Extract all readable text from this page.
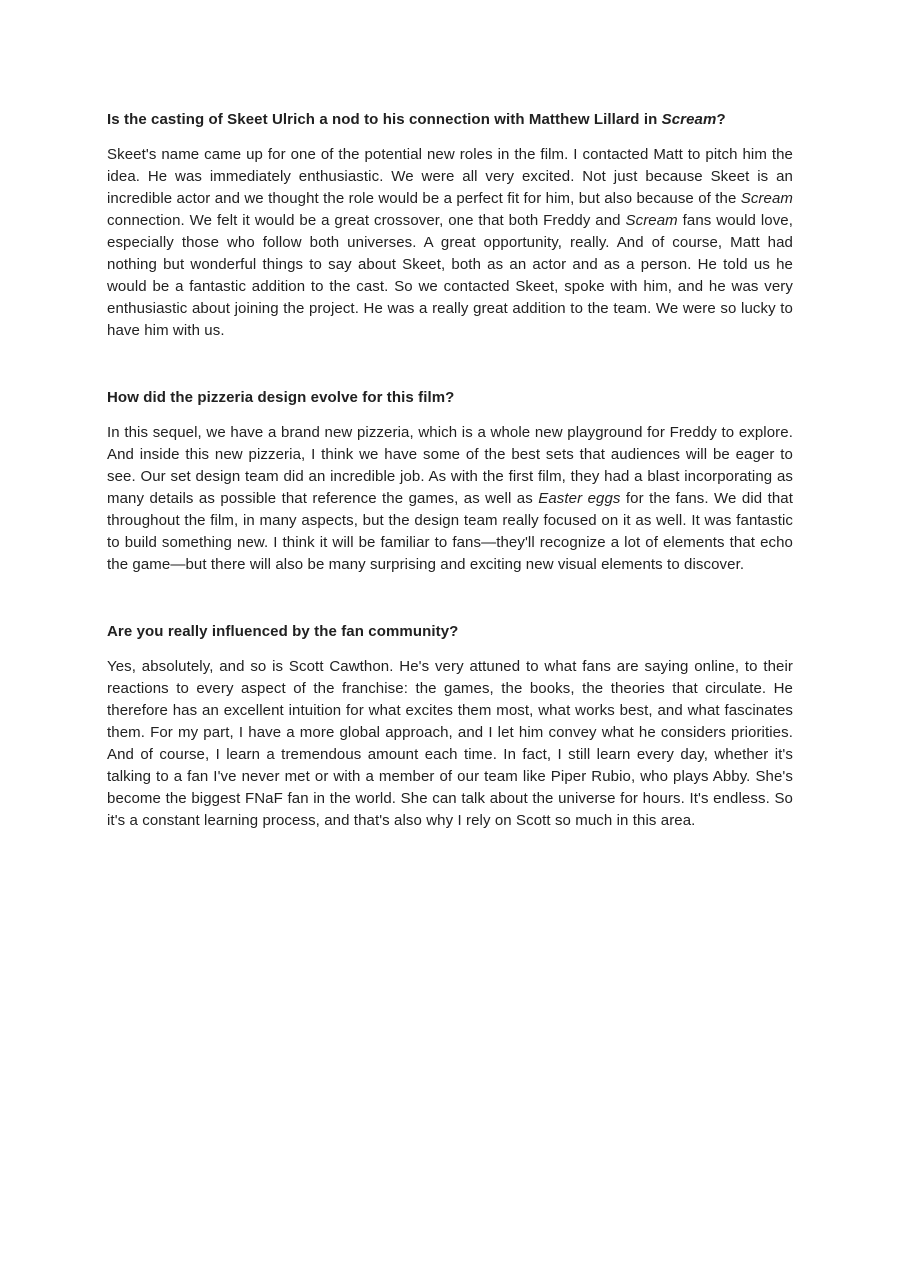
Is the casting of Skeet Ulrich a nod to his connection with Matthew Lillard in Scream?

Skeet's name came up for one of the potential new roles in the film. I contacted Matt to pitch him the idea. He was immediately enthusiastic. We were all very excited. Not just because Skeet is an incredible actor and we thought the role would be a perfect fit for him, but also because of the Scream connection. We felt it would be a great crossover, one that both Freddy and Scream fans would love, especially those who follow both universes. A great opportunity, really. And of course, Matt had nothing but wonderful things to say about Skeet, both as an actor and as a person. He told us he would be a fantastic addition to the cast. So we contacted Skeet, spoke with him, and he was very enthusiastic about joining the project. He was a really great addition to the team. We were so lucky to have him with us.

How did the pizzeria design evolve for this film?

In this sequel, we have a brand new pizzeria, which is a whole new playground for Freddy to explore. And inside this new pizzeria, I think we have some of the best sets that audiences will be eager to see. Our set design team did an incredible job. As with the first film, they had a blast incorporating as many details as possible that reference the games, as well as Easter eggs for the fans. We did that throughout the film, in many aspects, but the design team really focused on it as well. It was fantastic to build something new. I think it will be familiar to fans—they'll recognize a lot of elements that echo the game—but there will also be many surprising and exciting new visual elements to discover.

Are you really influenced by the fan community?

Yes, absolutely, and so is Scott Cawthon. He's very attuned to what fans are saying online, to their reactions to every aspect of the franchise: the games, the books, the theories that circulate. He therefore has an excellent intuition for what excites them most, what works best, and what fascinates them. For my part, I have a more global approach, and I let him convey what he considers priorities. And of course, I learn a tremendous amount each time. In fact, I still learn every day, whether it's talking to a fan I've never met or with a member of our team like Piper Rubio, who plays Abby. She's become the biggest FNaF fan in the world. She can talk about the universe for hours. It's endless. So it's a constant learning process, and that's also why I rely on Scott so much in this area.
